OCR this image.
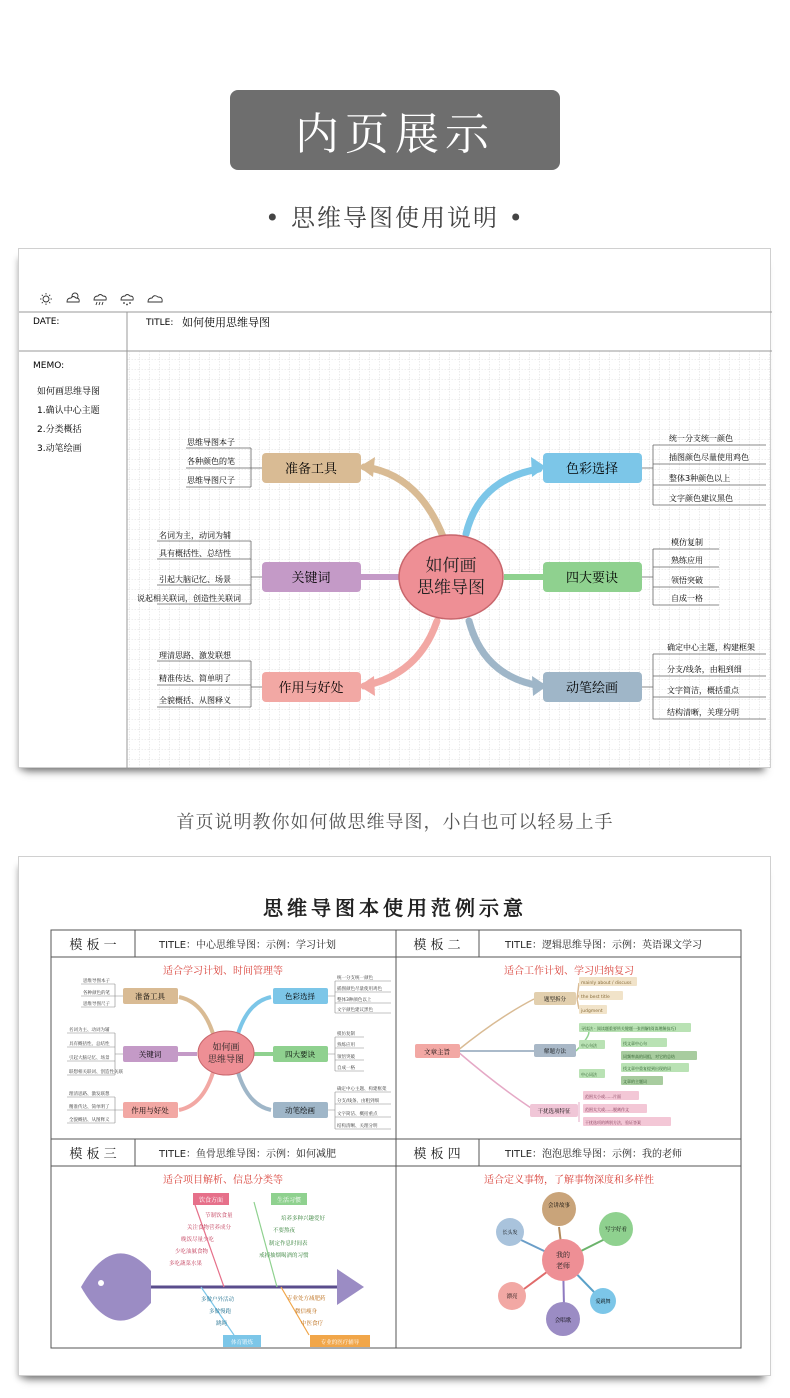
内页展示
• 思维导图使用说明 •
DATE:	TITLE: 如何使用思维导图
MEMO:
如何画思维导图
1.确认中心主题
2.分类概括
3.动笔绘画
如何画
思维导图
准备工具
关键词
作用与好处
色彩选择
四大要诀
动笔绘画
思维导图本子
各种颜色的笔
思维导图尺子
名词为主，动词为辅
具有概括性、总结性
引起大脑记忆、场景
说起相关联词，创造性关联词
理清思路、激发联想
精准传达、简单明了
全貌概括、从图释义
统一分支统一颜色
插图颜色尽量使用鸡色
整体3种颜色以上
文字颜色建议黑色
模仿复制
熟练应用
领悟突破
自成一格
确定中心主题，构建框架
分支/线条，由粗到细
文字简洁，概括重点
结构清晰，关理分明
首页说明教你如何做思维导图，小白也可以轻易上手
思维导图本使用范例示意
模 板 一	TITLE：中心思维导图：示例：学习计划	模 板 二	TITLE：逻辑思维导图：示例：英语课文学习
模 板 三	TITLE：鱼骨思维导图：示例：如何减肥	模 板 四	TITLE：泡泡思维导图：示例：我的老师
适合学习计划、时间管理等	适合工作计划、学习归纳复习
适合项目解析、信息分类等	适合定义事物，了解事物深度和多样性
如何画
思维导图
准备工具
关键词
作用与好处
色彩选择
四大要诀
动笔绘画
思维导图本子
各种颜色的笔
思维导图尺子
名词为主、动词为辅
具有概括性、总结性
引起大脑记忆、场景
联想相关联词、创造性关联
理清思路、激发联想
精准传达、简单明了
全貌概括、从图释义
统一分支统一颜色
插图颜色尽量使用鸡色
整体3种颜色以上
文字颜色建议黑色
模仿复制
熟练应用
领悟突破
自成一格
确定中心主题、构建框架
分支/线条、由粗到细
文字简洁、概括重点
结构清晰、关理分明
文章主旨
题型拆分
解题方法
干扰选项特征
mainly about / discuss
the best title
judgment
寻读法 · 阅读题重要所关键题一张图解(阅读理解技巧)
中心句法	找文章中心句
中心词法
词频率高的词组，对它的总结
找文章中重复提到出现的词
文章的主题词
范围太小或……片面
范围太大或……脱离作文
干扰选项的辨别方法，验证答案
饮食方面	生活习惯
节制饮食量
关注食物营养成分
晚饭尽量少吃
少吃油腻食物
多吃蔬菜水果
培养多种兴趣爱好
不要熬夜
制定作息时间表
戒掉抽烟喝酒的习惯
多做户外活动
多做慢跑
跳绳
体育锻炼
专业处方减肥药
微信瘦身
中医食疗
专业的医疗辅导
我的
老师
会讲故事
写字好看
爱跳舞
会唱歌
漂亮
长头发
